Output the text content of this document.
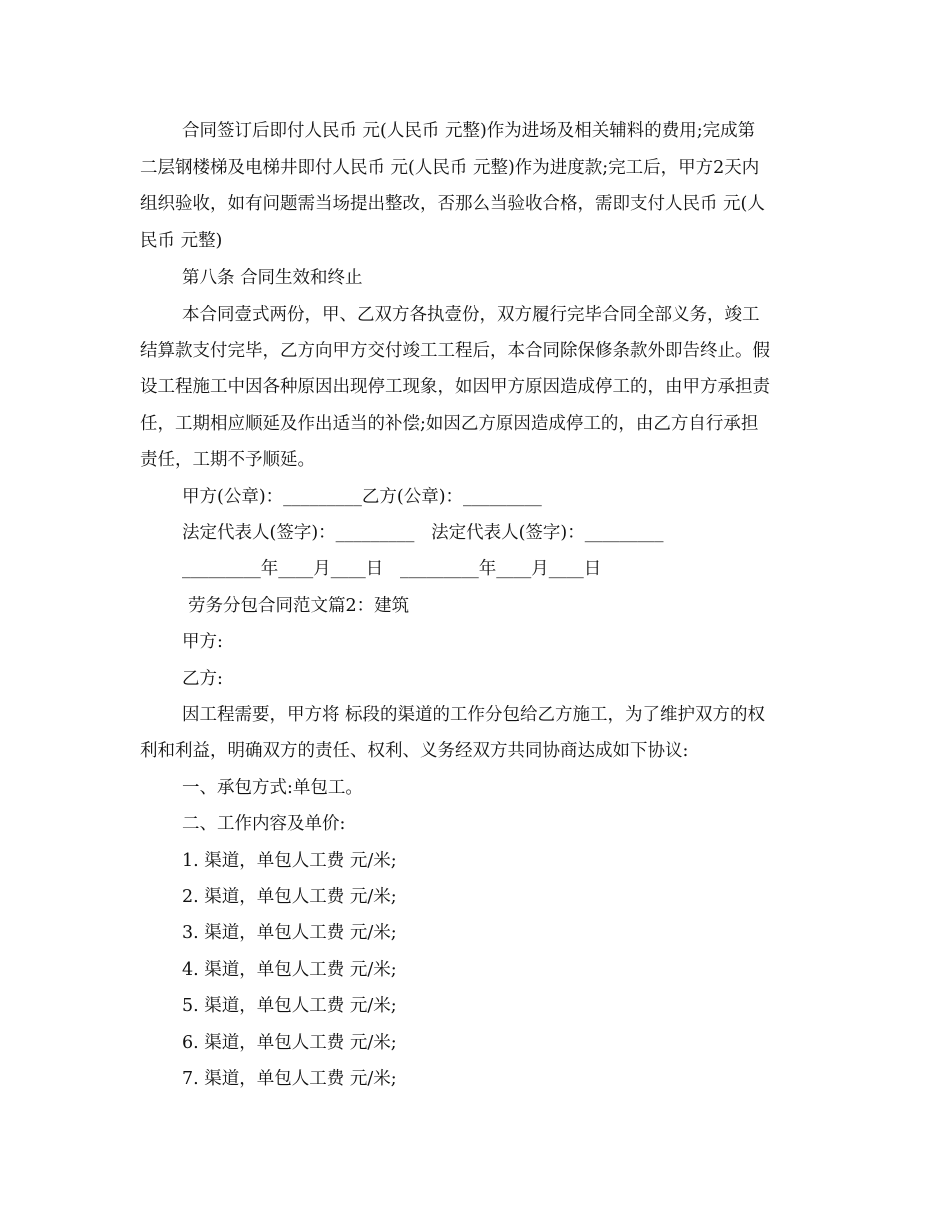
合同签订后即付人民币 元(人民币 元整)作为进场及相关辅料的费用;完成第
二层钢楼梯及电梯井即付人民币 元(人民币 元整)作为进度款;完工后，甲方2天内
组织验收，如有问题需当场提出整改，否那么当验收合格，需即支付人民币 元(人
民币 元整)
第八条 合同生效和终止
本合同壹式两份，甲、乙双方各执壹份，双方履行完毕合同全部义务，竣工
结算款支付完毕，乙方向甲方交付竣工工程后，本合同除保修条款外即告终止。假
设工程施工中因各种原因出现停工现象，如因甲方原因造成停工的，由甲方承担责
任，工期相应顺延及作出适当的补偿;如因乙方原因造成停工的，由乙方自行承担
责任，工期不予顺延。
甲方(公章)：_________乙方(公章)：_________
法定代表人(签字)：_________   法定代表人(签字)：_________
_________年____月____日   _________年____月____日
劳务分包合同范文篇2：建筑
甲方:
乙方:
因工程需要，甲方将 标段的渠道的工作分包给乙方施工，为了维护双方的权
利和利益，明确双方的责任、权利、义务经双方共同协商达成如下协议:
一、承包方式:单包工。
二、工作内容及单价:
1. 渠道，单包人工费 元/米;
2. 渠道，单包人工费 元/米;
3. 渠道，单包人工费 元/米;
4. 渠道，单包人工费 元/米;
5. 渠道，单包人工费 元/米;
6. 渠道，单包人工费 元/米;
7. 渠道，单包人工费 元/米;
